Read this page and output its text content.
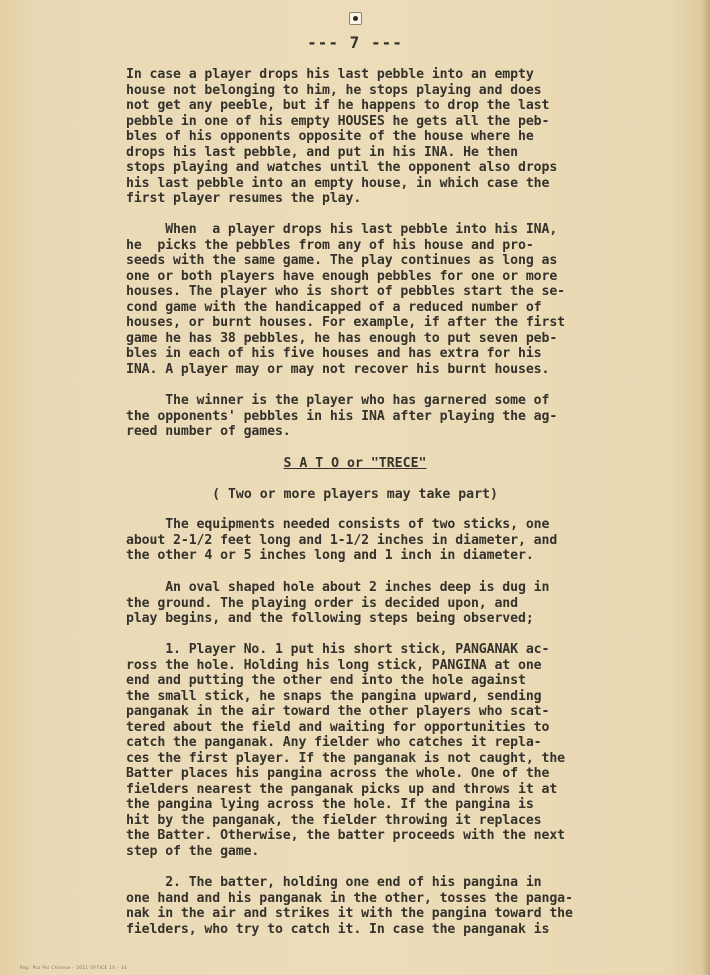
--- 7 ---
In case a player drops his last pebble into an empty
house not belonging to him, he stops playing and does
not get any peeble, but if he happens to drop the last
pebble in one of his empty HOUSES he gets all the peb-
bles of his opponents opposite of the house where he
drops his last pebble, and put in his INA. He then
stops playing and watches until the opponent also drops
his last pebble into an empty house, in which case the
first player resumes the play.
When  a player drops his last pebble into his INA,
he  picks the pebbles from any of his house and pro-
seeds with the same game. The play continues as long as
one or both players have enough pebbles for one or more
houses. The player who is short of pebbles start the se-
cond game with the handicapped of a reduced number of
houses, or burnt houses. For example, if after the first
game he has 38 pebbles, he has enough to put seven peb-
bles in each of his five houses and has extra for his
INA. A player may or may not recover his burnt houses.
The winner is the player who has garnered some of
the opponents' pebbles in his INA after playing the ag-
reed number of games.
S A T O or "TRECE"
( Two or more players may take part)
The equipments needed consists of two sticks, one
about 2-1/2 feet long and 1-1/2 inches in diameter, and
the other 4 or 5 inches long and 1 inch in diameter.
An oval shaped hole about 2 inches deep is dug in
the ground. The playing order is decided upon, and
play begins, and the following steps being observed;
1. Player No. 1 put his short stick, PANGANAK ac-
ross the hole. Holding his long stick, PANGINA at one
end and putting the other end into the hole against
the small stick, he snaps the pangina upward, sending
panganak in the air toward the other players who scat-
tered about the field and waiting for opportunities to
catch the panganak. Any fielder who catches it repla-
ces the first player. If the panganak is not caught, the
Batter places his pangina across the whole. One of the
fielders nearest the panganak picks up and throws it at
the pangina lying across the hole. If the pangina is
hit by the panganak, the fielder throwing it replaces
the Batter. Otherwise, the batter proceeds with the next
step of the game.
2. The batter, holding one end of his pangina in
one hand and his panganak in the other, tosses the panga-
nak in the air and strikes it with the pangina toward the
fielders, who try to catch it. In case the panganak is
Rep. Pto Pai Chinese - 2011 OFFICE 10 - 34
